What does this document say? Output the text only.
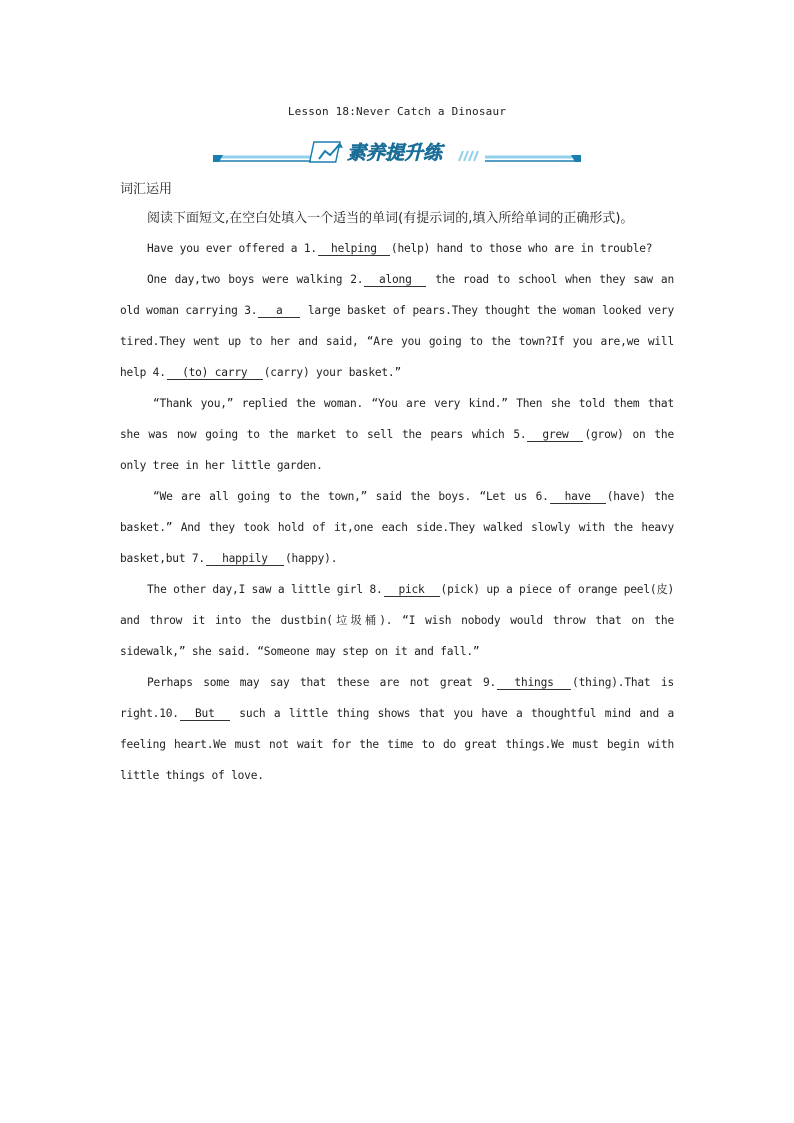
Lesson 18:Never Catch a Dinosaur
素养提升练
词汇运用
阅读下面短文,在空白处填入一个适当的单词(有提示词的,填入所给单词的正确形式)。

Have you ever offered a 1. helping (help) hand to those who are in trouble?

One day,two boys were walking 2. along the road to school when they saw an old woman carrying 3. a large basket of pears.They thought the woman looked very tired.They went up to her and said, “Are you going to the town?If you are,we will help 4. (to) carry (carry) your basket.”

“Thank you,” replied the woman. “You are very kind.” Then she told them that she was now going to the market to sell the pears which 5. grew (grow) on the only tree in her little garden.

“We are all going to the town,” said the boys. “Let us 6. have (have) the basket.” And they took hold of it,one each side.They walked slowly with the heavy basket,but 7. happily (happy).

The other day,I saw a little girl 8. pick (pick) up a piece of orange peel(皮) and throw it into the dustbin(垃圾桶). “I wish nobody would throw that on the sidewalk,” she said. “Someone may step on it and fall.”

Perhaps some may say that these are not great 9. things (thing).That is right.10. But such a little thing shows that you have a thoughtful mind and a feeling heart.We must not wait for the time to do great things.We must begin with little things of love.
